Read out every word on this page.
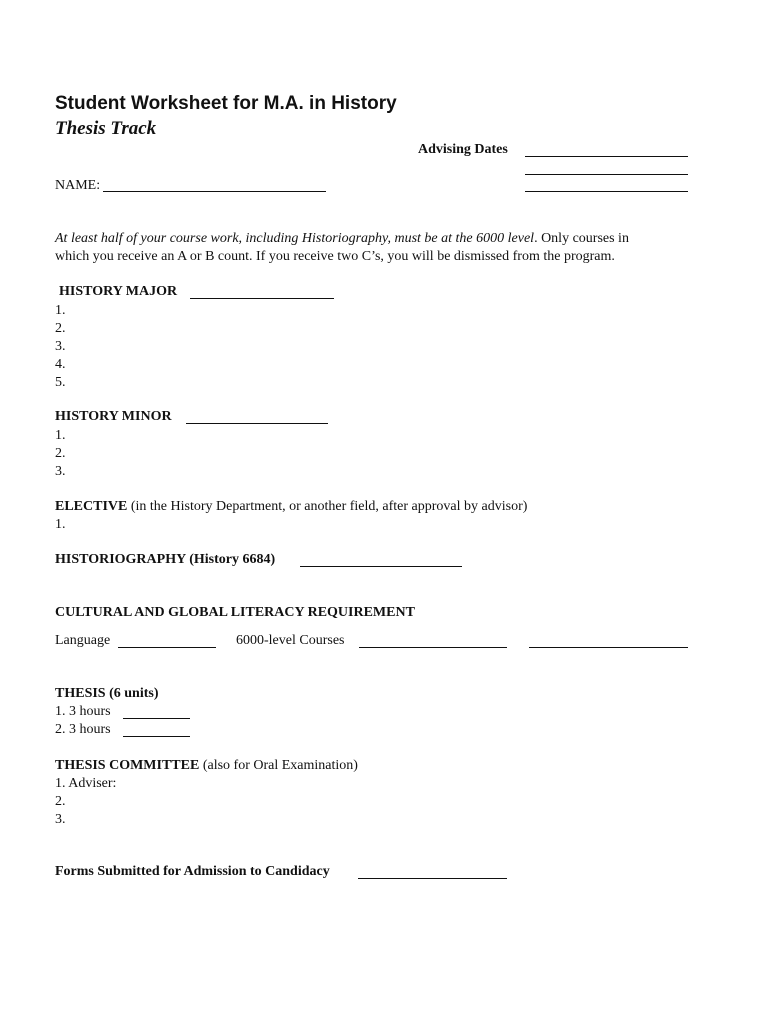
Student Worksheet for M.A. in History
Thesis Track
Advising Dates
NAME:
At least half of your course work, including Historiography, must be at the 6000 level. Only courses in
which you receive an A or B count. If you receive two C’s, you will be dismissed from the program.
HISTORY MAJOR
1.
2.
3.
4.
5.
HISTORY MINOR
1.
2.
3.
ELECTIVE (in the History Department, or another field, after approval by advisor)
1.
HISTORIOGRAPHY (History 6684)
CULTURAL AND GLOBAL LITERACY REQUIREMENT
Language	6000-level Courses
THESIS (6 units)
1. 3 hours
2. 3 hours
THESIS COMMITTEE (also for Oral Examination)
1. Adviser:
2.
3.
Forms Submitted for Admission to Candidacy
